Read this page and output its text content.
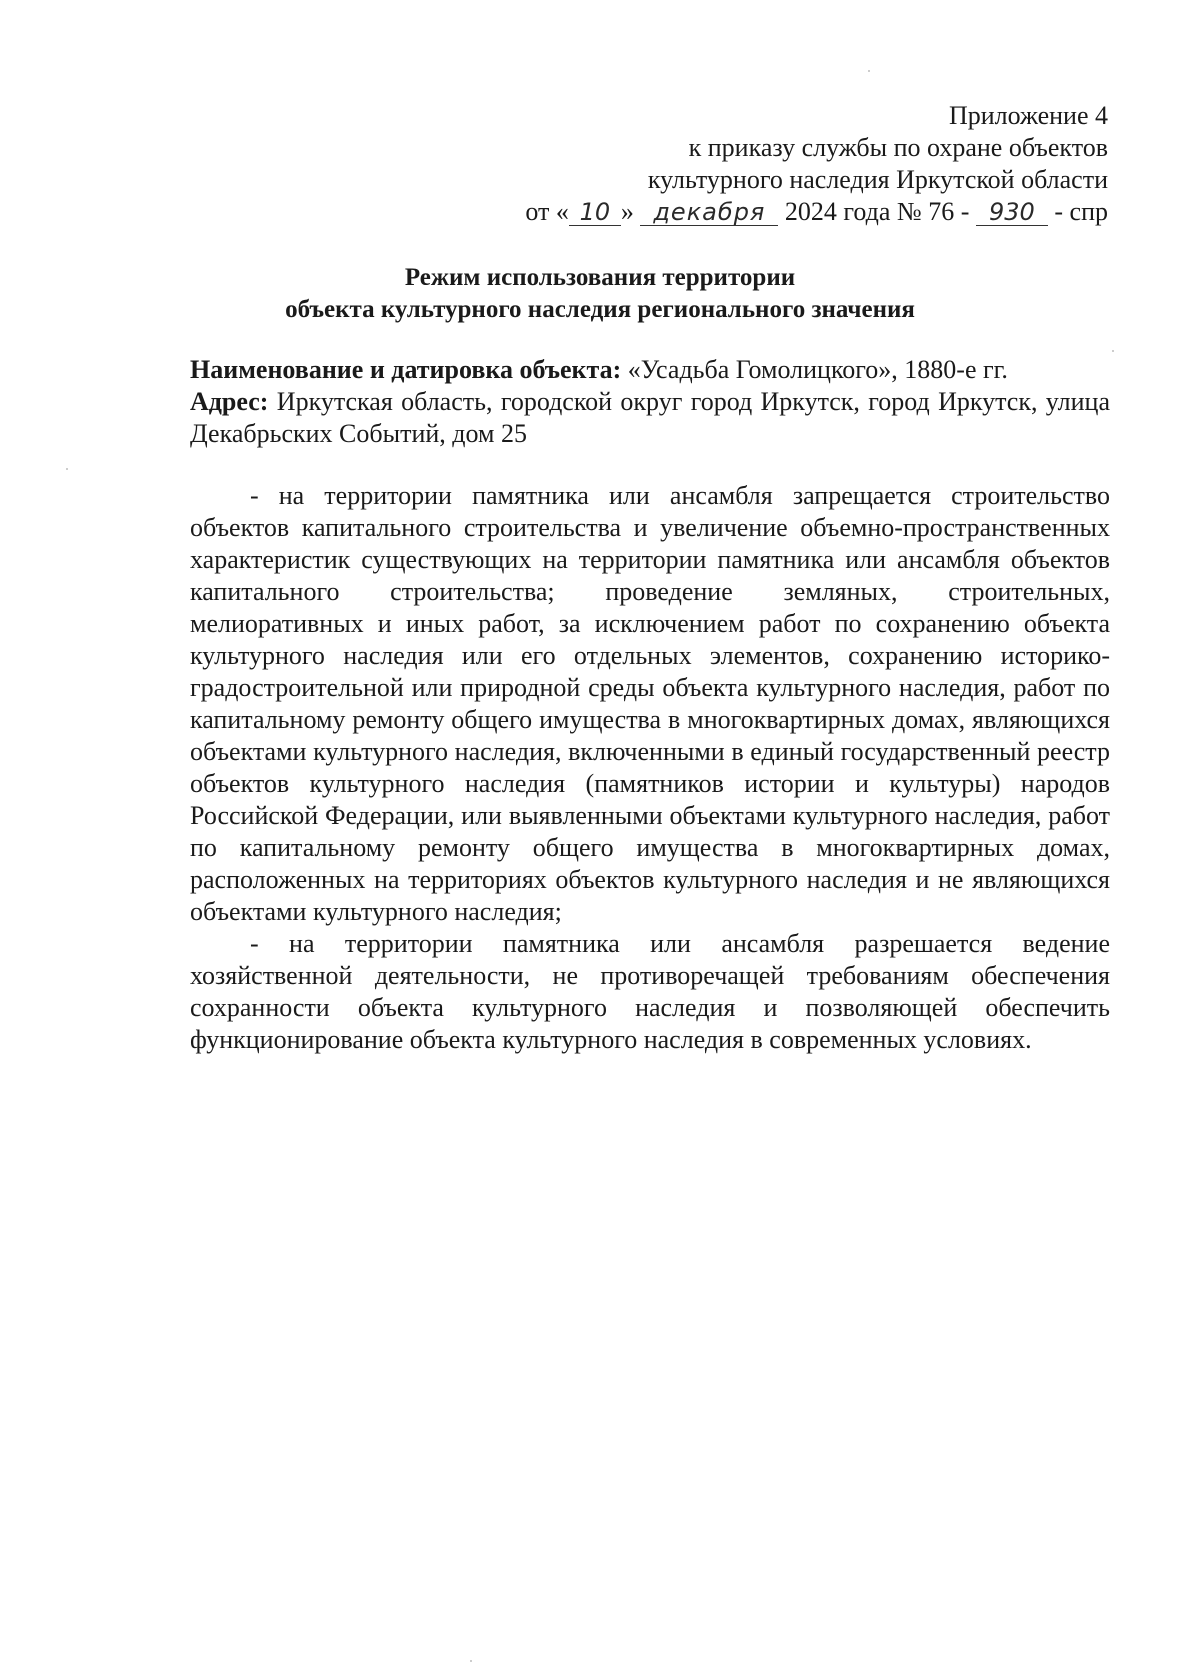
Приложение 4
к приказу службы по охране объектов
культурного наследия Иркутской области
от « 10 » декабря 2024 года № 76 - 930 - спр
Режим использования территории
объекта культурного наследия регионального значения

Наименование и датировка объекта: «Усадьба Гомолицкого», 1880-е гг.

Адрес: Иркутская область, городской округ город Иркутск, город Иркутск, улица Декабрьских Событий, дом 25

- на территории памятника или ансамбля запрещается строительство объектов капитального строительства и увеличение объемно-пространственных характеристик существующих на территории памятника или ансамбля объектов капитального строительства; проведение земляных, строительных, мелиоративных и иных работ, за исключением работ по сохранению объекта культурного наследия или его отдельных элементов, сохранению историко-градостроительной или природной среды объекта культурного наследия, работ по капитальному ремонту общего имущества в многоквартирных домах, являющихся объектами культурного наследия, включенными в единый государственный реестр объектов культурного наследия (памятников истории и культуры) народов Российской Федерации, или выявленными объектами культурного наследия, работ по капитальному ремонту общего имущества в многоквартирных домах, расположенных на территориях объектов культурного наследия и не являющихся объектами культурного наследия;

- на территории памятника или ансамбля разрешается ведение хозяйственной деятельности, не противоречащей требованиям обеспечения сохранности объекта культурного наследия и позволяющей обеспечить функционирование объекта культурного наследия в современных условиях.
